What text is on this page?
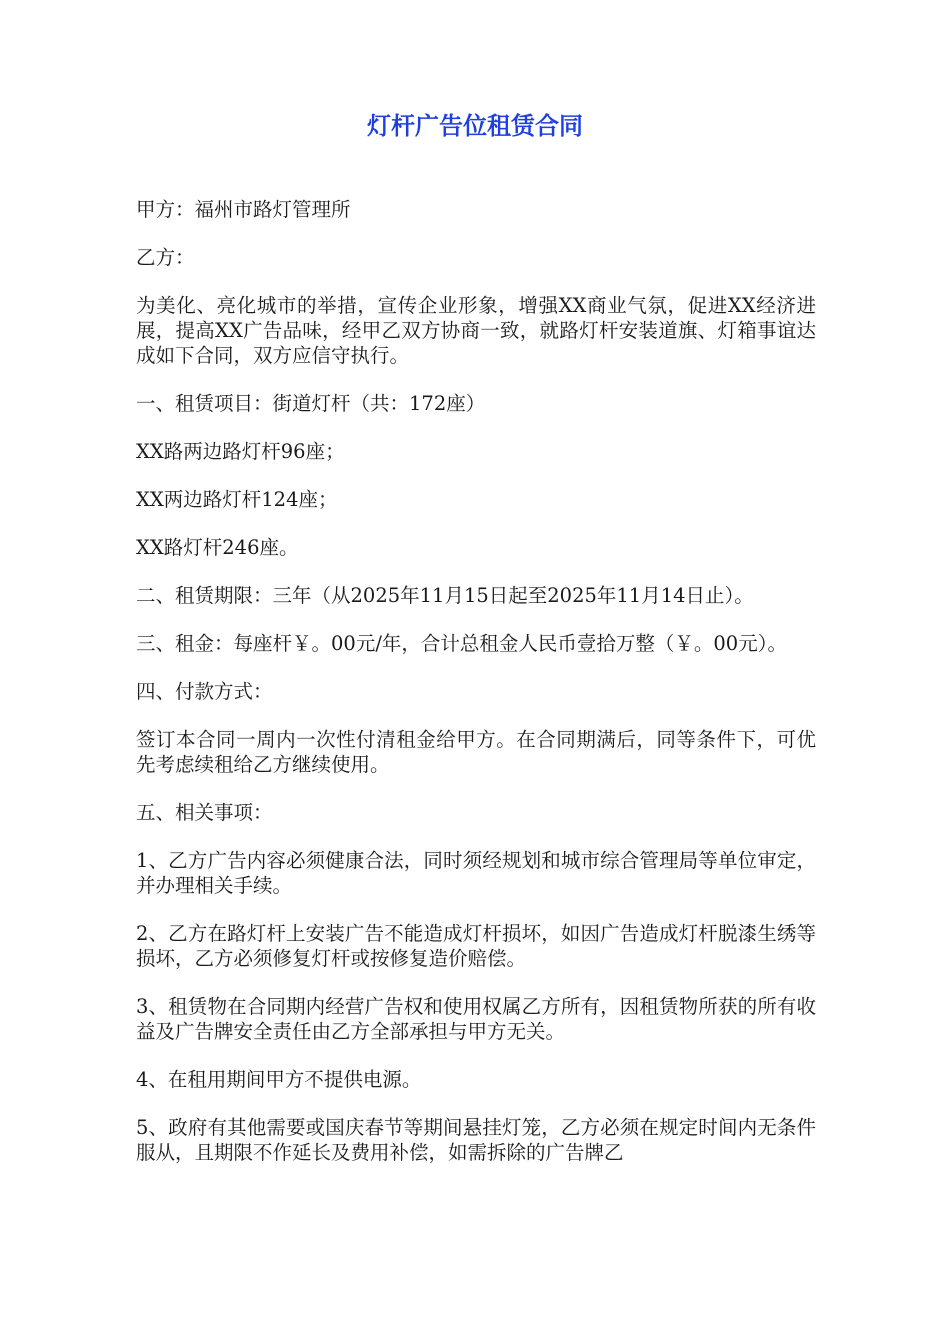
灯杆广告位租赁合同

甲方：福州市路灯管理所

乙方：

为美化、亮化城市的举措，宣传企业形象，增强XX商业气氛，促进XX经济进展，提高XX广告品味，经甲乙双方协商一致，就路灯杆安装道旗、灯箱事谊达成如下合同，双方应信守执行。

一、租赁项目：街道灯杆（共：172座）

XX路两边路灯杆96座；

XX两边路灯杆124座；

XX路灯杆246座。

二、租赁期限：三年（从2025年11月15日起至2025年11月14日止）。

三、租金：每座杆￥。00元/年，合计总租金人民币壹拾万整（￥。00元）。

四、付款方式：

签订本合同一周内一次性付清租金给甲方。在合同期满后，同等条件下，可优先考虑续租给乙方继续使用。

五、相关事项：

1、乙方广告内容必须健康合法，同时须经规划和城市综合管理局等单位审定，并办理相关手续。

2、乙方在路灯杆上安装广告不能造成灯杆损坏，如因广告造成灯杆脱漆生绣等损坏，乙方必须修复灯杆或按修复造价赔偿。

3、租赁物在合同期内经营广告权和使用权属乙方所有，因租赁物所获的所有收益及广告牌安全责任由乙方全部承担与甲方无关。

4、在租用期间甲方不提供电源。

5、政府有其他需要或国庆春节等期间悬挂灯笼，乙方必须在规定时间内无条件服从，且期限不作延长及费用补偿，如需拆除的广告牌乙
